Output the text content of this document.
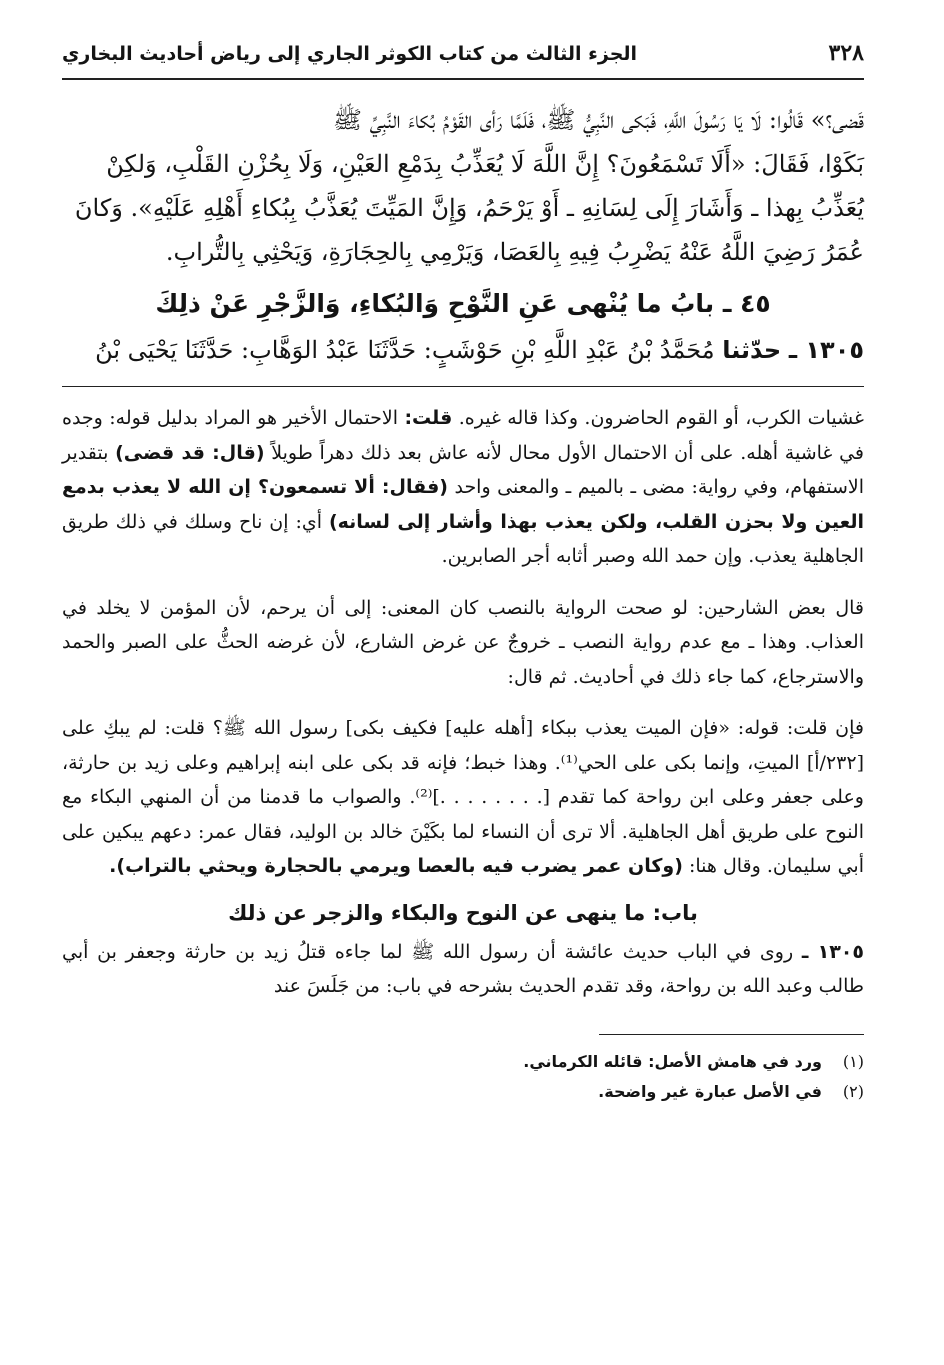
٣٢٨
الجزء الثالث من كتاب الكوثر الجاري إلى رياض أحاديث البخاري

قَضى؟» قَالُوا: لَا يَا رَسُولَ اللَّهِ، فَبَكى النَّبِيُّ ﷺ، فَلَمَّا رَأى القَوْمُ بُكاءَ النَّبِيِّ ﷺ

بَكَوْا، فَقَالَ: «أَلَا تَسْمَعُونَ؟ إِنَّ اللَّهَ لَا يُعَذِّبُ بِدَمْعِ العَيْنِ، وَلَا بِحُزْنِ القَلْبِ، وَلكِنْ

يُعَذِّبُ بِهذا ـ وَأَشَارَ إِلَى لِسَانِهِ ـ أَوْ يَرْحَمُ، وَإِنَّ المَيِّتَ يُعَذَّبُ بِبُكاءِ أَهْلِهِ عَلَيْهِ». وَكانَ

عُمَرُ رَضِيَ اللَّهُ عَنْهُ يَضْرِبُ فِيهِ بِالعَصَا، وَيَرْمِي بِالحِجَارَةِ، وَيَحْثِي بِالتُّرابِ.

٤٥ ـ بابُ ما يُنْهى عَنِ النَّوْحِ وَالبُكاءِ، وَالزَّجْرِ عَنْ ذلِكَ

١٣٠٥ ـ حدّثنا مُحَمَّدُ بْنُ عَبْدِ اللَّهِ بْنِ حَوْشَبٍ: حَدَّثَنَا عَبْدُ الوَهَّابِ: حَدَّثَنَا يَحْيَى بْنُ

غشيات الكرب، أو القوم الحاضرون. وكذا قاله غيره. قلت: الاحتمال الأخير هو المراد بدليل قوله: وجده في غاشية أهله. على أن الاحتمال الأول محال لأنه عاش بعد ذلك دهراً طويلاً (قال: قد قضى) بتقدير الاستفهام، وفي رواية: مضى ـ بالميم ـ والمعنى واحد (فقال: ألا تسمعون؟ إن الله لا يعذب بدمع العين ولا بحزن القلب، ولكن يعذب بهذا وأشار إلى لسانه) أي: إن ناح وسلك في ذلك طريق الجاهلية يعذب. وإن حمد الله وصبر أثابه أجر الصابرين.

قال بعض الشارحين: لو صحت الرواية بالنصب كان المعنى: إلى أن يرحم، لأن المؤمن لا يخلد في العذاب. وهذا ـ مع عدم رواية النصب ـ خروجٌ عن غرض الشارع، لأن غرضه الحثُّ على الصبر والحمد والاسترجاع، كما جاء ذلك في أحاديث. ثم قال:

فإن قلت: قوله: «فإن الميت يعذب ببكاء [أهله عليه] فكيف بكى] رسول الله ﷺ؟ قلت: لم يبكِ على [٢٣٢/أ] الميتِ، وإنما بكى على الحي⁽¹⁾. وهذا خبط؛ فإنه قد بكى على ابنه إبراهيم وعلى زيد بن حارثة، وعلى جعفر وعلى ابن رواحة كما تقدم [. . . . . . . .]⁽²⁾. والصواب ما قدمنا من أن المنهي البكاء مع النوح على طريق أهل الجاهلية. ألا ترى أن النساء لما بكَيْنَ خالد بن الوليد، فقال عمر: دعهم يبكين على أبي سليمان. وقال هنا: (وكان عمر يضرب فيه بالعصا ويرمي بالحجارة ويحثي بالتراب).

باب: ما ينهى عن النوح والبكاء والزجر عن ذلك

١٣٠٥ ـ روى في الباب حديث عائشة أن رسول الله ﷺ لما جاءه قتلُ زيد بن حارثة وجعفر بن أبي طالب وعبد الله بن رواحة، وقد تقدم الحديث بشرحه في باب: من جَلَسَ عند

(١)
ورد في هامش الأصل: قائله الكرماني.
(٢)
في الأصل عبارة غير واضحة.
